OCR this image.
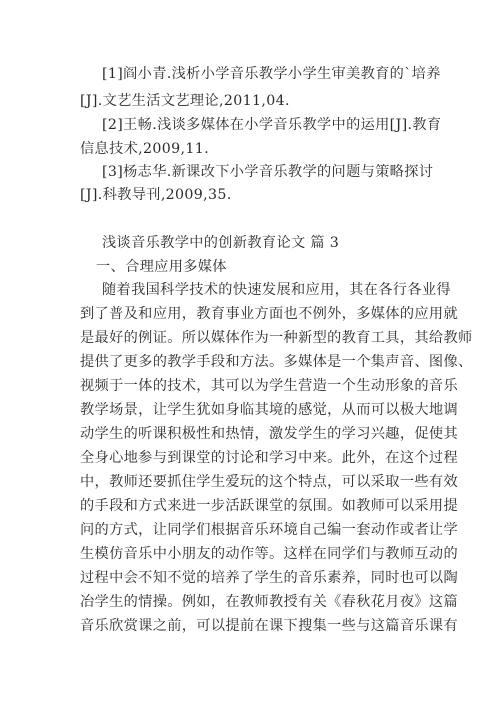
[1]阎小青.浅析小学音乐教学小学生审美教育的`培养
[J].文艺生活文艺理论,2011,04.
[2]王畅.浅谈多媒体在小学音乐教学中的运用[J].教育
信息技术,2009,11.
[3]杨志华.新课改下小学音乐教学的问题与策略探讨
[J].科教导刊,2009,35.
浅谈音乐教学中的创新教育论文 篇 3
一、合理应用多媒体
随着我国科学技术的快速发展和应用，其在各行各业得
到了普及和应用，教育事业方面也不例外，多媒体的应用就
是最好的例证。所以媒体作为一种新型的教育工具，其给教师
提供了更多的教学手段和方法。多媒体是一个集声音、图像、
视频于一体的技术，其可以为学生营造一个生动形象的音乐
教学场景，让学生犹如身临其境的感觉，从而可以极大地调
动学生的听课积极性和热情，激发学生的学习兴趣，促使其
全身心地参与到课堂的讨论和学习中来。此外，在这个过程
中，教师还要抓住学生爱玩的这个特点，可以采取一些有效
的手段和方式来进一步活跃课堂的氛围。如教师可以采用提
问的方式，让同学们根据音乐环境自己编一套动作或者让学
生模仿音乐中小朋友的动作等。这样在同学们与教师互动的
过程中会不知不觉的培养了学生的音乐素养，同时也可以陶
冶学生的情操。例如，在教师教授有关《春秋花月夜》这篇
音乐欣赏课之前，可以提前在课下搜集一些与这篇音乐课有
